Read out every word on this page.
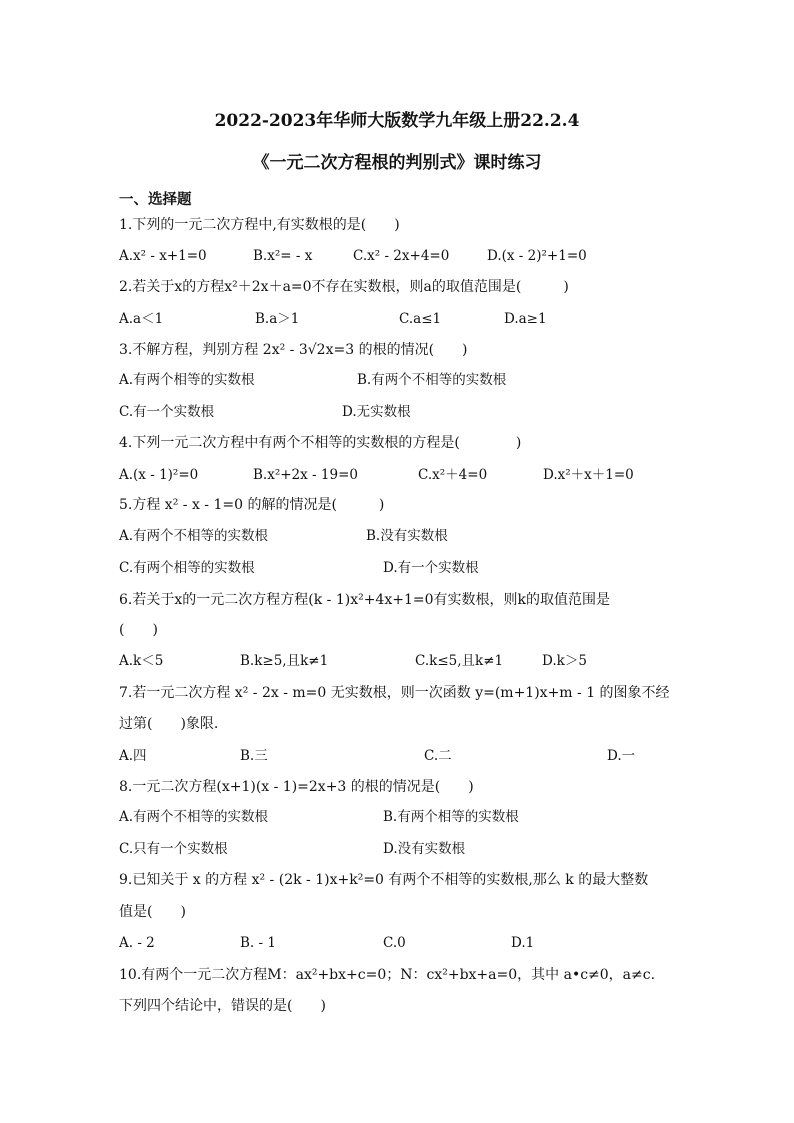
2022-2023年华师大版数学九年级上册22.2.4
《一元二次方程根的判别式》课时练习
一、选择题
1.下列的一元二次方程中,有实数根的是(　　)
A.x² - x+1=0	B.x²= - x	C.x² - 2x+4=0	D.(x - 2)²+1=0
2.若关于x的方程x²＋2x＋a=0不存在实数根，则a的取值范围是(　　　)
A.a＜1	B.a＞1	C.a≤1	D.a≥1
3.不解方程，判别方程 2x² - 3√2x=3 的根的情况(　　)
A.有两个相等的实数根	B.有两个不相等的实数根
C.有一个实数根	D.无实数根
4.下列一元二次方程中有两个不相等的实数根的方程是(　　　　)
A.(x - 1)²=0	B.x²+2x - 19=0	C.x²＋4=0	D.x²＋x＋1=0
5.方程 x² - x - 1=0 的解的情况是(　　　)
A.有两个不相等的实数根	B.没有实数根
C.有两个相等的实数根	D.有一个实数根
6.若关于x的一元二次方程方程(k - 1)x²+4x+1=0有实数根，则k的取值范围是
(　　)
A.k＜5	B.k≥5,且k≠1	C.k≤5,且k≠1	D.k＞5
7.若一元二次方程 x² - 2x - m=0 无实数根，则一次函数 y=(m+1)x+m - 1 的图象不经
过第(　　)象限.
A.四	B.三	C.二	D.一
8.一元二次方程(x+1)(x - 1)=2x+3 的根的情况是(　　)
A.有两个不相等的实数根	B.有两个相等的实数根
C.只有一个实数根	D.没有实数根
9.已知关于 x 的方程 x² - (2k - 1)x+k²=0 有两个不相等的实数根,那么 k 的最大整数
值是(　　)
A. - 2	B. - 1	C.0	D.1
10.有两个一元二次方程M：ax²+bx+c=0；N：cx²+bx+a=0，其中 a•c≠0，a≠c.
下列四个结论中，错误的是(　　)
